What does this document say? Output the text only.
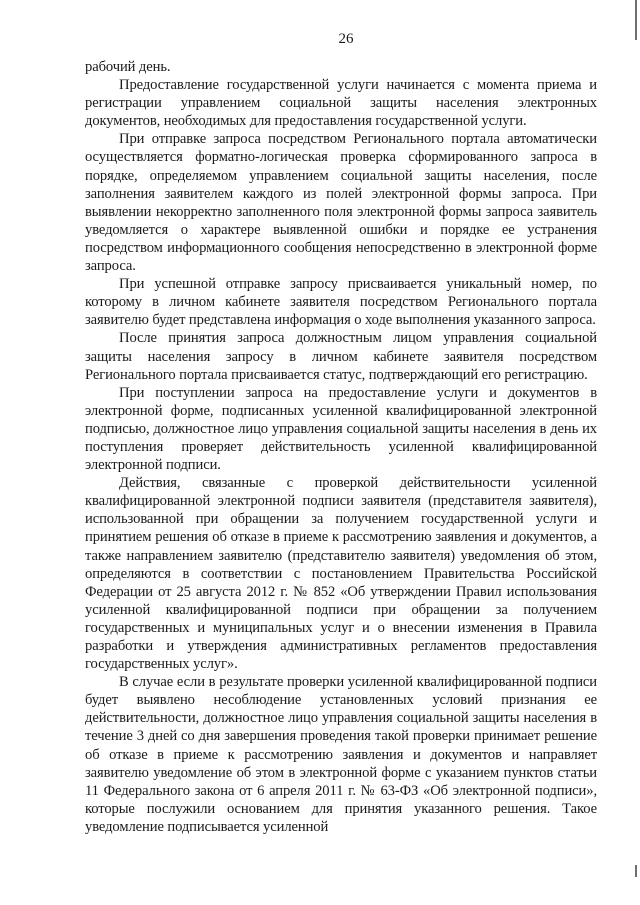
26

рабочий день.

Предоставление государственной услуги начинается с момента приема и регистрации управлением социальной защиты населения электронных документов, необходимых для предоставления государственной услуги.

При отправке запроса посредством Регионального портала автоматически осуществляется форматно-логическая проверка сформированного запроса в порядке, определяемом управлением социальной защиты населения, после заполнения заявителем каждого из полей электронной формы запроса. При выявлении некорректно заполненного поля электронной формы запроса заявитель уведомляется о характере выявленной ошибки и порядке ее устранения посредством информационного сообщения непосредственно в электронной форме запроса.

При успешной отправке запросу присваивается уникальный номер, по которому в личном кабинете заявителя посредством Регионального портала заявителю будет представлена информация о ходе выполнения указанного запроса.

После принятия запроса должностным лицом управления социальной защиты населения запросу в личном кабинете заявителя посредством Регионального портала присваивается статус, подтверждающий его регистрацию.

При поступлении запроса на предоставление услуги и документов в электронной форме, подписанных усиленной квалифицированной электронной подписью, должностное лицо управления социальной защиты населения в день их поступления проверяет действительность усиленной квалифицированной электронной подписи.

Действия, связанные с проверкой действительности усиленной квалифицированной электронной подписи заявителя (представителя заявителя), использованной при обращении за получением государственной услуги и принятием решения об отказе в приеме к рассмотрению заявления и документов, а также направлением заявителю (представителю заявителя) уведомления об этом, определяются в соответствии с постановлением Правительства Российской Федерации от 25 августа 2012 г. № 852 «Об утверждении Правил использования усиленной квалифицированной подписи при обращении за получением государственных и муниципальных услуг и о внесении изменения в Правила разработки и утверждения административных регламентов предоставления государственных услуг».

В случае если в результате проверки усиленной квалифицированной подписи будет выявлено несоблюдение установленных условий признания ее действительности, должностное лицо управления социальной защиты населения в течение 3 дней со дня завершения проведения такой проверки принимает решение об отказе в приеме к рассмотрению заявления и документов и направляет заявителю уведомление об этом в электронной форме с указанием пунктов статьи 11 Федерального закона от 6 апреля 2011 г. № 63-ФЗ «Об электронной подписи», которые послужили основанием для принятия указанного решения. Такое уведомление подписывается усиленной
